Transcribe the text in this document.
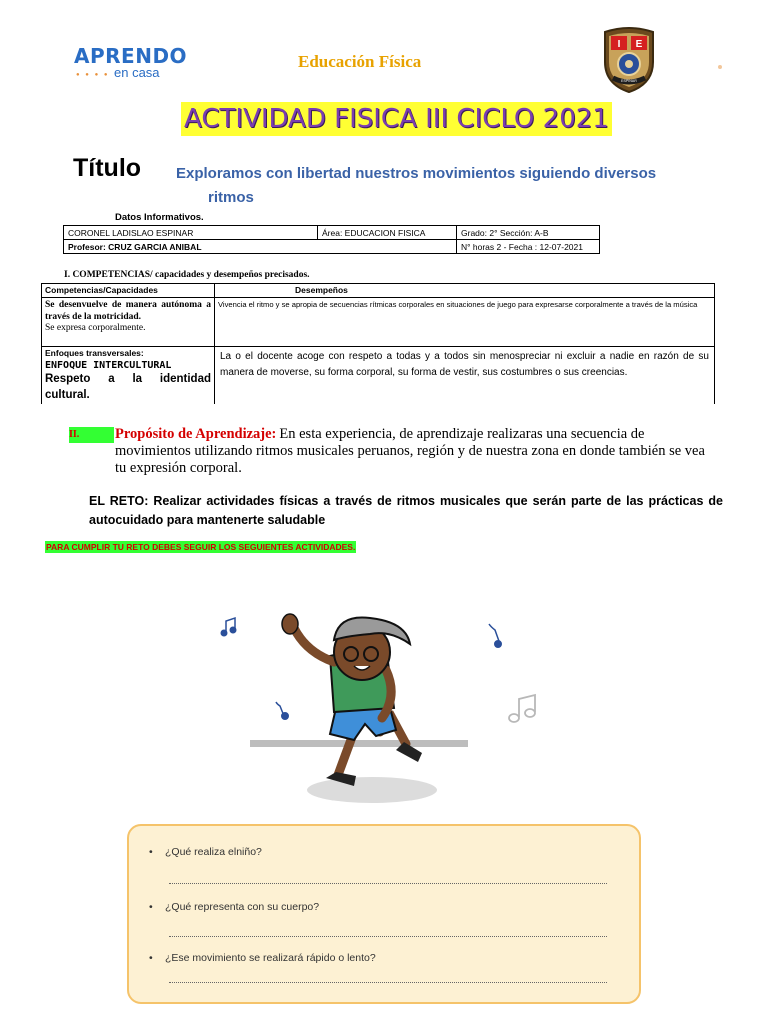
APRENDO
● ● ● ● en casa
Educación Física
I E
ESPINAR
ACTIVIDAD FISICA III CICLO 2021
Título Exploramos con libertad nuestros movimientos siguiendo diversos
ritmos
Datos Informativos.
CORONEL LADISLAO ESPINAR	Área: EDUCACION FISICA	Grado: 2° Sección: A-B
Profesor: CRUZ GARCIA ANIBAL		N° horas 2 - Fecha : 12-07-2021
I. COMPETENCIAS/ capacidades y desempeños precisados.
Competencias/Capacidades	Desempeños

Se desenvuelve de manera autónoma a través de la motricidad.
Se expresa corporalmente.	Vivencia el ritmo y se apropia de secuencias rítmicas corporales en situaciones de juego para expresarse corporalmente a través de la música

Enfoques transversales:
ENFOQUE INTERCULTURAL
Respeto a la identidad cultural.	La o el docente acoge con respeto a todas y a todos sin menospreciar ni excluir a nadie en razón de su manera de moverse, su forma corporal, su forma de vestir, sus costumbres o sus creencias.
II.	Propósito de Aprendizaje: En esta experiencia, de aprendizaje realizaras una secuencia de movimientos utilizando ritmos musicales peruanos, región y de nuestra zona en donde también se vea tu expresión corporal.
EL RETO: Realizar actividades físicas a través de ritmos musicales que serán parte de las prácticas de autocuidado para mantenerte saludable
PARA CUMPLIR TU RETO DEBES SEGUIR LOS SEGUIENTES ACTIVIDADES.
• ¿Qué realiza elniño?
• ¿Qué representa con su cuerpo?
• ¿Ese movimiento se realizará rápido o lento?
